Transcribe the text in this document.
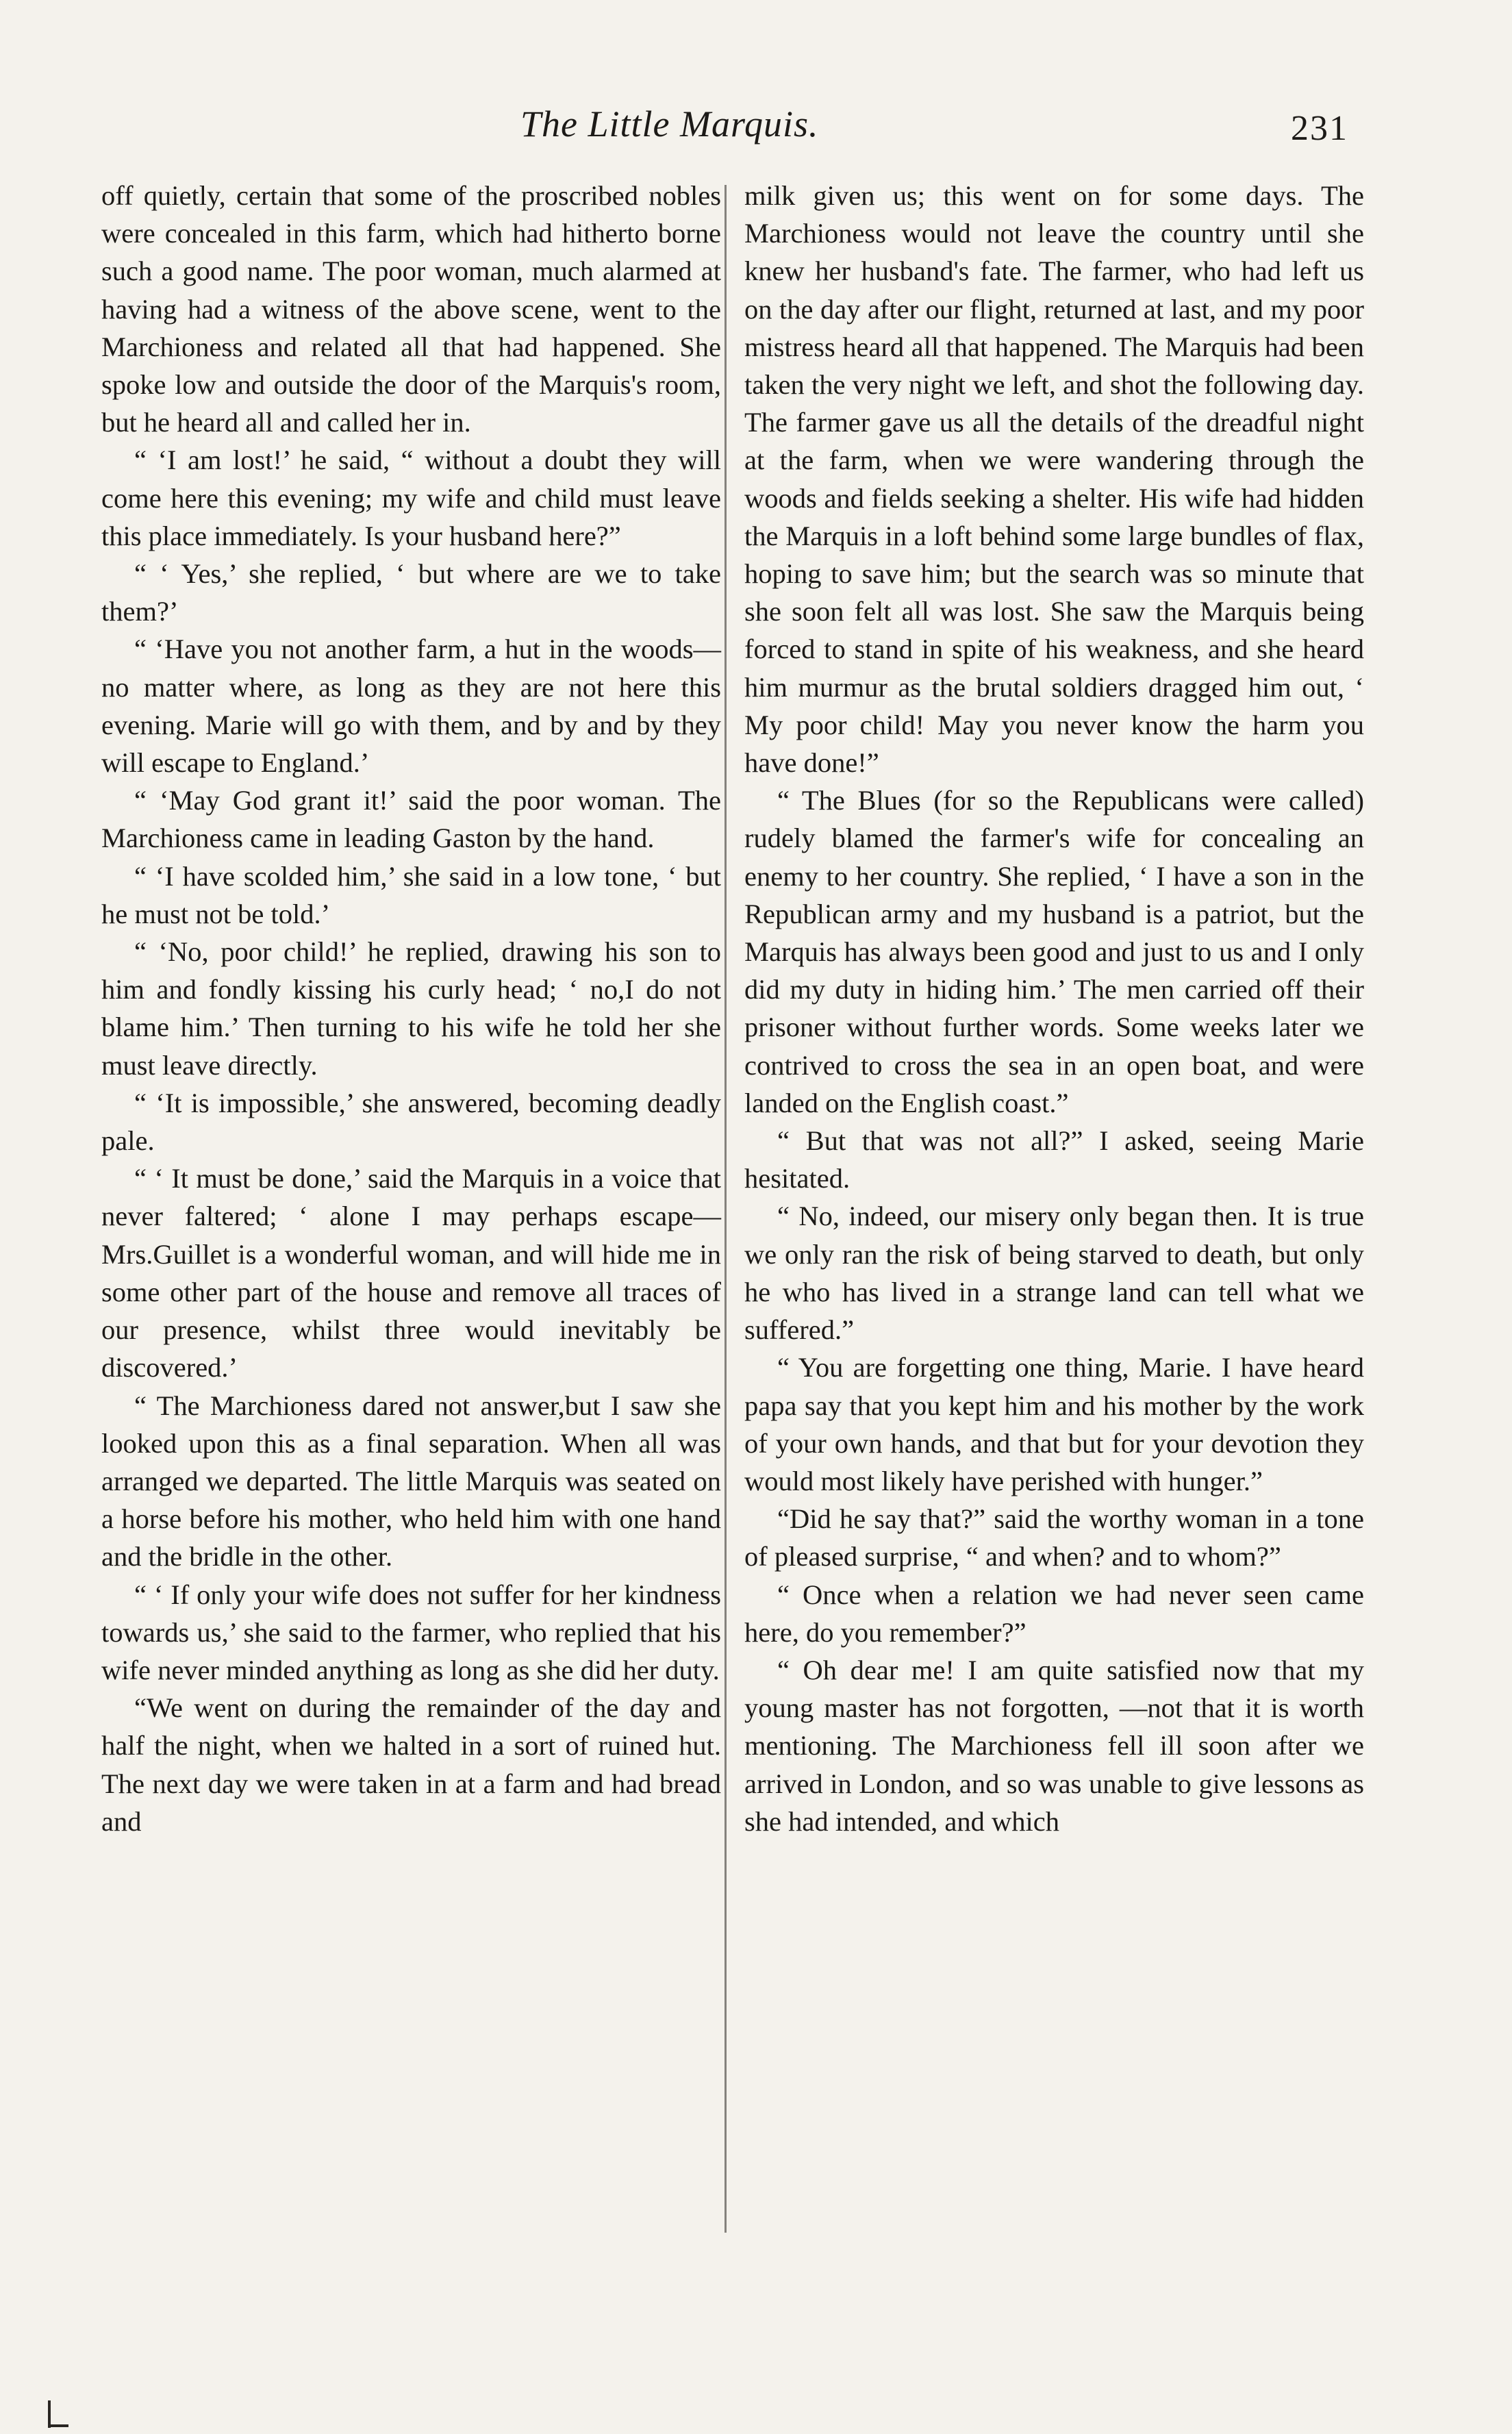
The Little Marquis.	231

off quietly, certain that some of the proscribed nobles were concealed in this farm, which had hitherto borne such a good name. The poor woman, much alarmed at having had a witness of the above scene, went to the Marchioness and related all that had happened. She spoke low and outside the door of the Marquis's room, but he heard all and called her in.

“ ‘I am lost!’ he said, “ without a doubt they will come here this evening; my wife and child must leave this place immediately. Is your husband here?”

“ ‘ Yes,’ she replied, ‘ but where are we to take them?’

“ ‘Have you not another farm, a hut in the woods—no matter where, as long as they are not here this evening. Marie will go with them, and by and by they will escape to England.’

“ ‘May God grant it!’ said the poor woman. The Marchioness came in leading Gaston by the hand.

“ ‘I have scolded him,’ she said in a low tone, ‘ but he must not be told.’

“ ‘No, poor child!’ he replied, drawing his son to him and fondly kissing his curly head; ‘ no,I do not blame him.’ Then turning to his wife he told her she must leave directly.

“ ‘It is impossible,’ she answered, becoming deadly pale.

“ ‘ It must be done,’ said the Marquis in a voice that never faltered; ‘ alone I may perhaps escape—Mrs.Guillet is a wonderful woman, and will hide me in some other part of the house and remove all traces of our presence, whilst three would inevitably be discovered.’

“ The Marchioness dared not answer,but I saw she looked upon this as a final separation. When all was arranged we departed. The little Marquis was seated on a horse before his mother, who held him with one hand and the bridle in the other.

“ ‘ If only your wife does not suffer for her kindness towards us,’ she said to the farmer, who replied that his wife never minded anything as long as she did her duty.

“We went on during the remainder of the day and half the night, when we halted in a sort of ruined hut. The next day we were taken in at a farm and had bread and

milk given us; this went on for some days. The Marchioness would not leave the country until she knew her husband's fate. The farmer, who had left us on the day after our flight, returned at last, and my poor mistress heard all that happened. The Marquis had been taken the very night we left, and shot the following day. The farmer gave us all the details of the dreadful night at the farm, when we were wandering through the woods and fields seeking a shelter. His wife had hidden the Marquis in a loft behind some large bundles of flax, hoping to save him; but the search was so minute that she soon felt all was lost. She saw the Marquis being forced to stand in spite of his weakness, and she heard him murmur as the brutal soldiers dragged him out, ‘ My poor child! May you never know the harm you have done!”

“ The Blues (for so the Republicans were called) rudely blamed the farmer's wife for concealing an enemy to her country. She replied, ‘ I have a son in the Republican army and my husband is a patriot, but the Marquis has always been good and just to us and I only did my duty in hiding him.’ The men carried off their prisoner without further words. Some weeks later we contrived to cross the sea in an open boat, and were landed on the English coast.”

“ But that was not all?” I asked, seeing Marie hesitated.

“ No, indeed, our misery only began then. It is true we only ran the risk of being starved to death, but only he who has lived in a strange land can tell what we suffered.”

“ You are forgetting one thing, Marie. I have heard papa say that you kept him and his mother by the work of your own hands, and that but for your devotion they would most likely have perished with hunger.”

“Did he say that?” said the worthy woman in a tone of pleased surprise, “ and when? and to whom?”

“ Once when a relation we had never seen came here, do you remember?”

“ Oh dear me! I am quite satisfied now that my young master has not forgotten, —not that it is worth mentioning. The Marchioness fell ill soon after we arrived in London, and so was unable to give lessons as she had intended, and which
